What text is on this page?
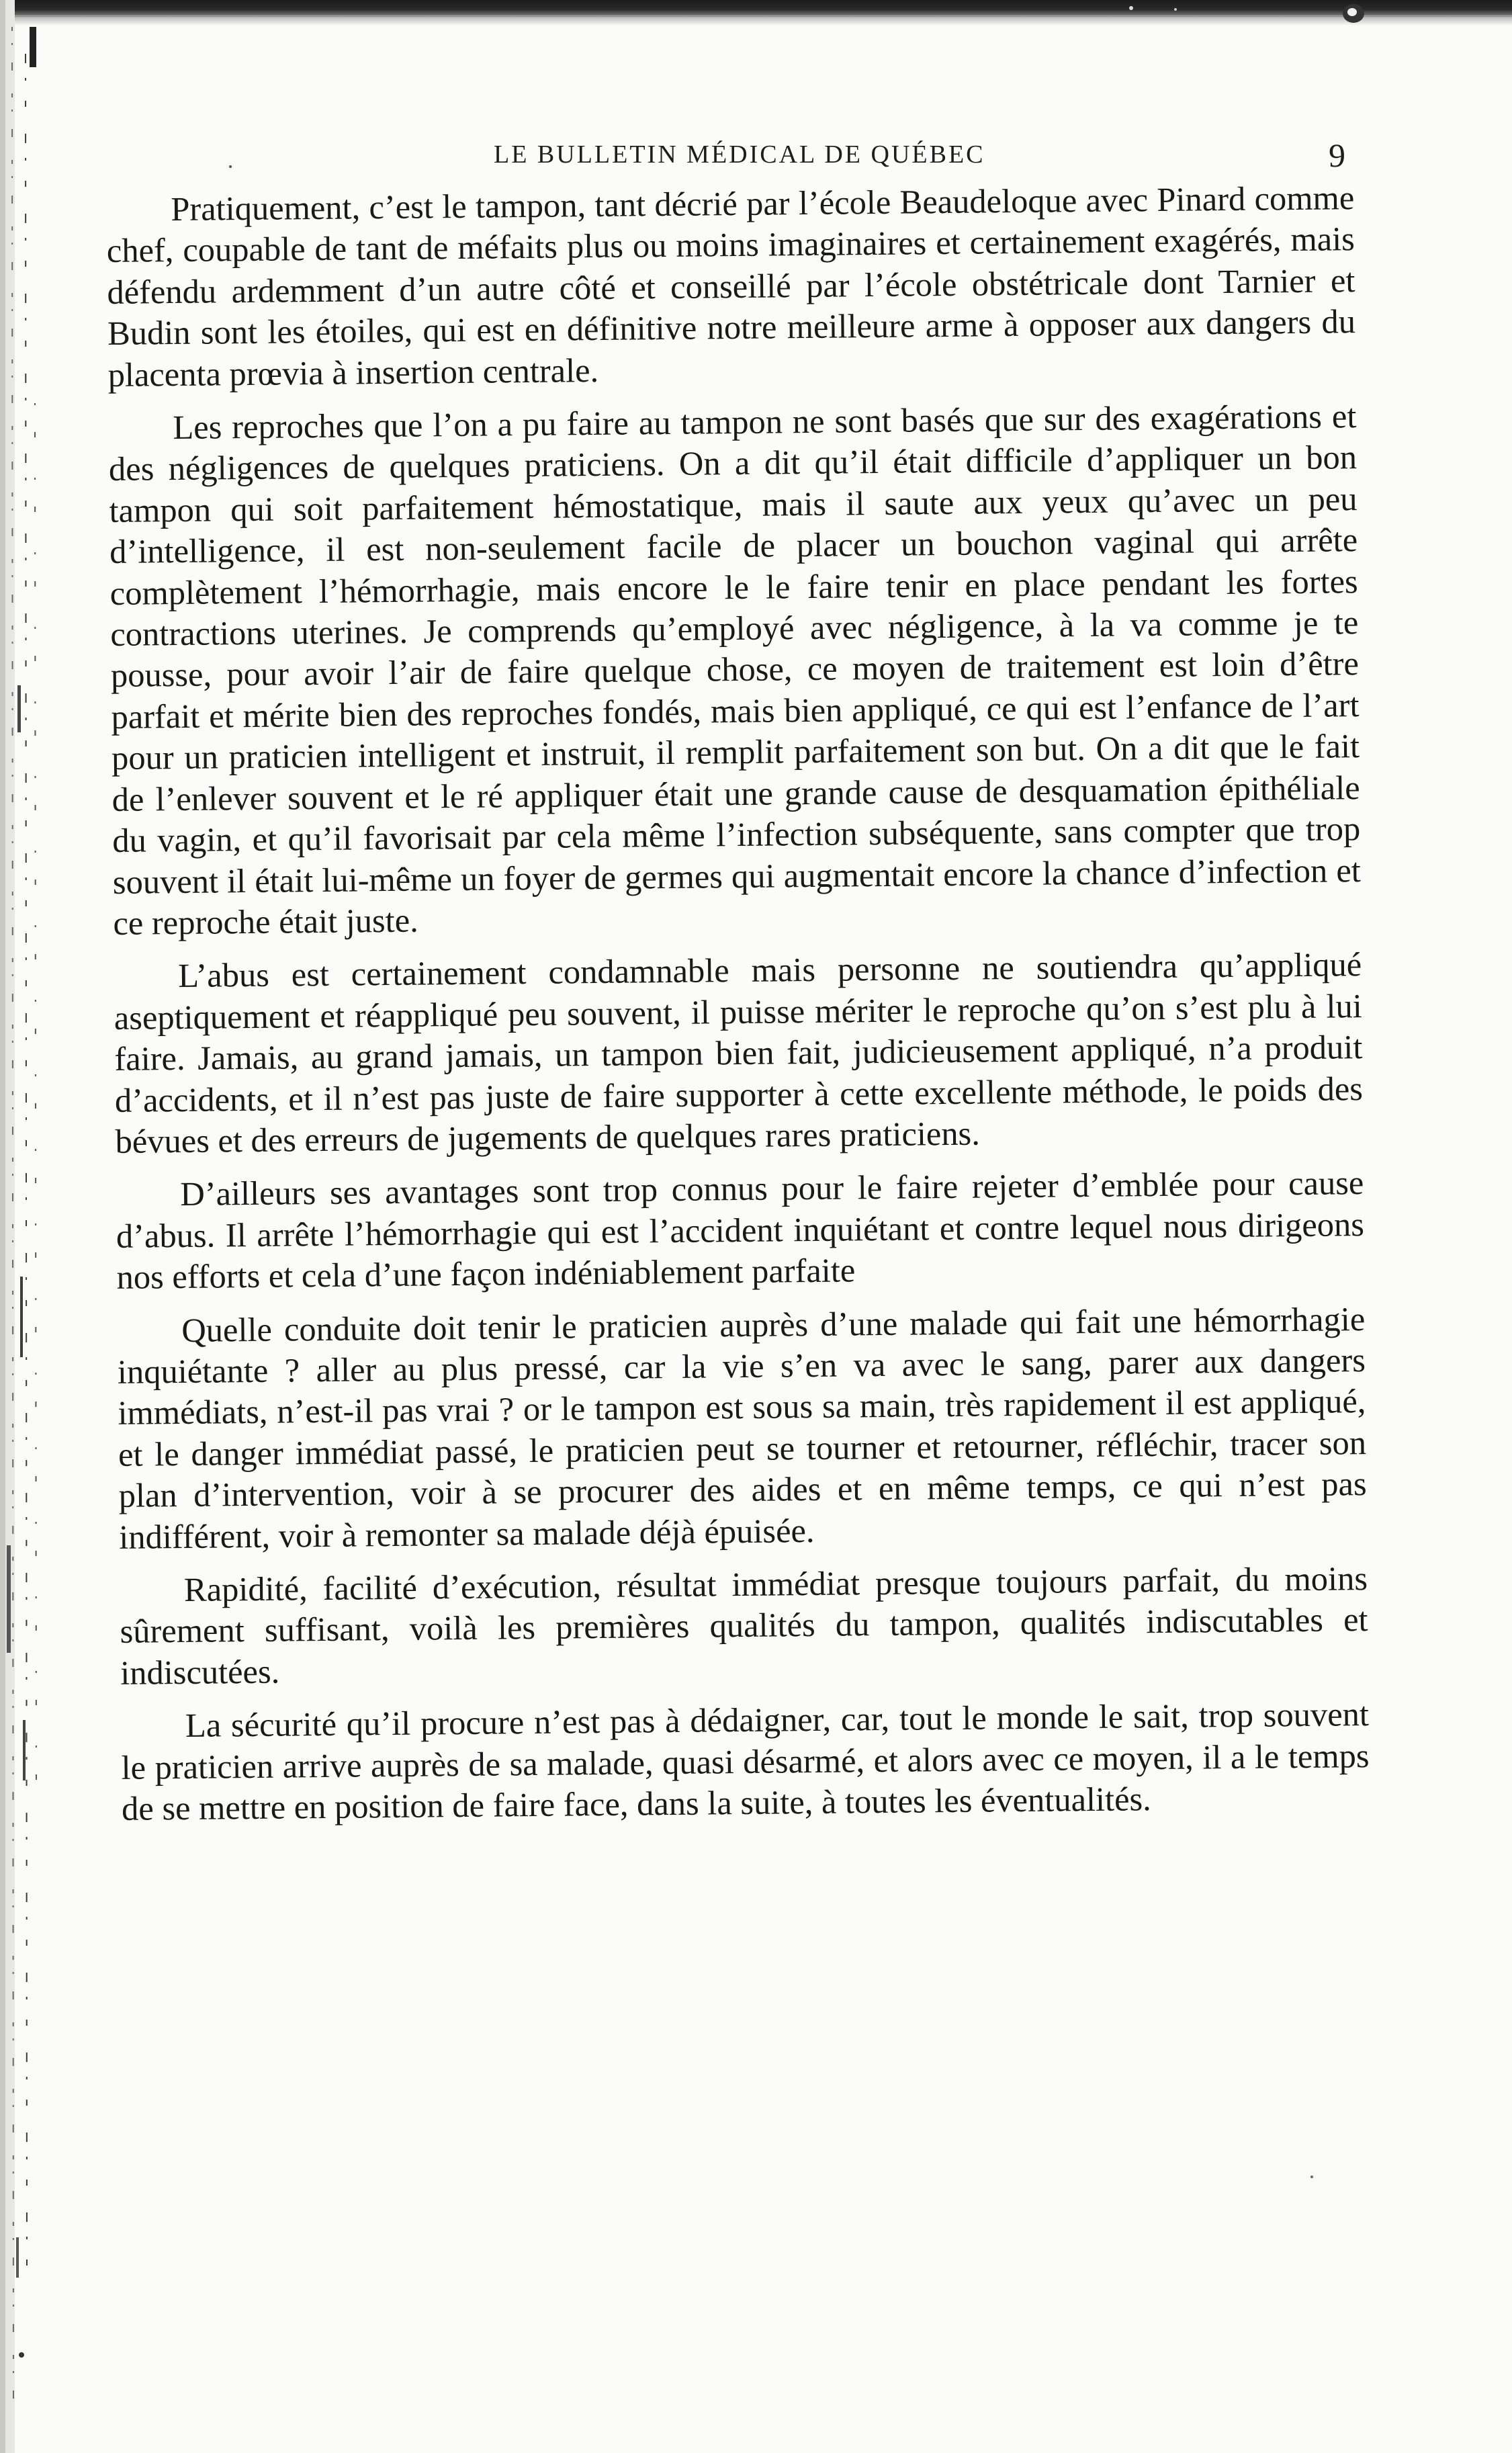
LE BULLETIN MÉDICAL DE QUÉBEC	9

Pratiquement, c’est le tampon, tant décrié par l’école Beaudeloque avec Pinard comme chef, coupable de tant de méfaits plus ou moins imaginaires et certainement exagérés, mais défendu ardemment d’un autre côté et conseillé par l’école obstétricale dont Tarnier et Budin sont les étoiles, qui est en définitive notre meilleure arme à opposer aux dangers du placenta prœvia à insertion centrale.

Les reproches que l’on a pu faire au tampon ne sont basés que sur des exagérations et des négligences de quelques praticiens. On a dit qu’il était difficile d’appliquer un bon tampon qui soit parfaitement hémostatique, mais il saute aux yeux qu’avec un peu d’intelligence, il est non-seulement facile de placer un bouchon vaginal qui arrête complètement l’hémorrhagie, mais encore le le faire tenir en place pendant les fortes contractions uterines. Je comprends qu’employé avec négligence, à la va comme je te pousse, pour avoir l’air de faire quelque chose, ce moyen de traitement est loin d’être parfait et mérite bien des reproches fondés, mais bien appliqué, ce qui est l’enfance de l’art pour un praticien intelligent et instruit, il remplit parfaitement son but. On a dit que le fait de l’enlever souvent et le ré appliquer était une grande cause de desquamation épithéliale du vagin, et qu’il favorisait par cela même l’infection subséquente, sans compter que trop souvent il était lui-même un foyer de germes qui augmentait encore la chance d’infection et ce reproche était juste.

L’abus est certainement condamnable mais personne ne soutiendra qu’appliqué aseptiquement et réappliqué peu souvent, il puisse mériter le reproche qu’on s’est plu à lui faire. Jamais, au grand jamais, un tampon bien fait, judicieusement appliqué, n’a produit d’accidents, et il n’est pas juste de faire supporter à cette excellente méthode, le poids des bévues et des erreurs de jugements de quelques rares praticiens.

D’ailleurs ses avantages sont trop connus pour le faire rejeter d’emblée pour cause d’abus. Il arrête l’hémorrhagie qui est l’accident inquiétant et contre lequel nous dirigeons nos efforts et cela d’une façon indéniablement parfaite

Quelle conduite doit tenir le praticien auprès d’une malade qui fait une hémorrhagie inquiétante ? aller au plus pressé, car la vie s’en va avec le sang, parer aux dangers immédiats, n’est-il pas vrai ? or le tampon est sous sa main, très rapidement il est appliqué, et le danger immédiat passé, le praticien peut se tourner et retourner, réfléchir, tracer son plan d’intervention, voir à se procurer des aides et en même temps, ce qui n’est pas indifférent, voir à remonter sa malade déjà épuisée.

Rapidité, facilité d’exécution, résultat immédiat presque toujours parfait, du moins sûrement suffisant, voilà les premières qualités du tampon, qualités indiscutables et indiscutées.

La sécurité qu’il procure n’est pas à dédaigner, car, tout le monde le sait, trop souvent le praticien arrive auprès de sa malade, quasi désarmé, et alors avec ce moyen, il a le temps de se mettre en position de faire face, dans la suite, à toutes les éventualités.
